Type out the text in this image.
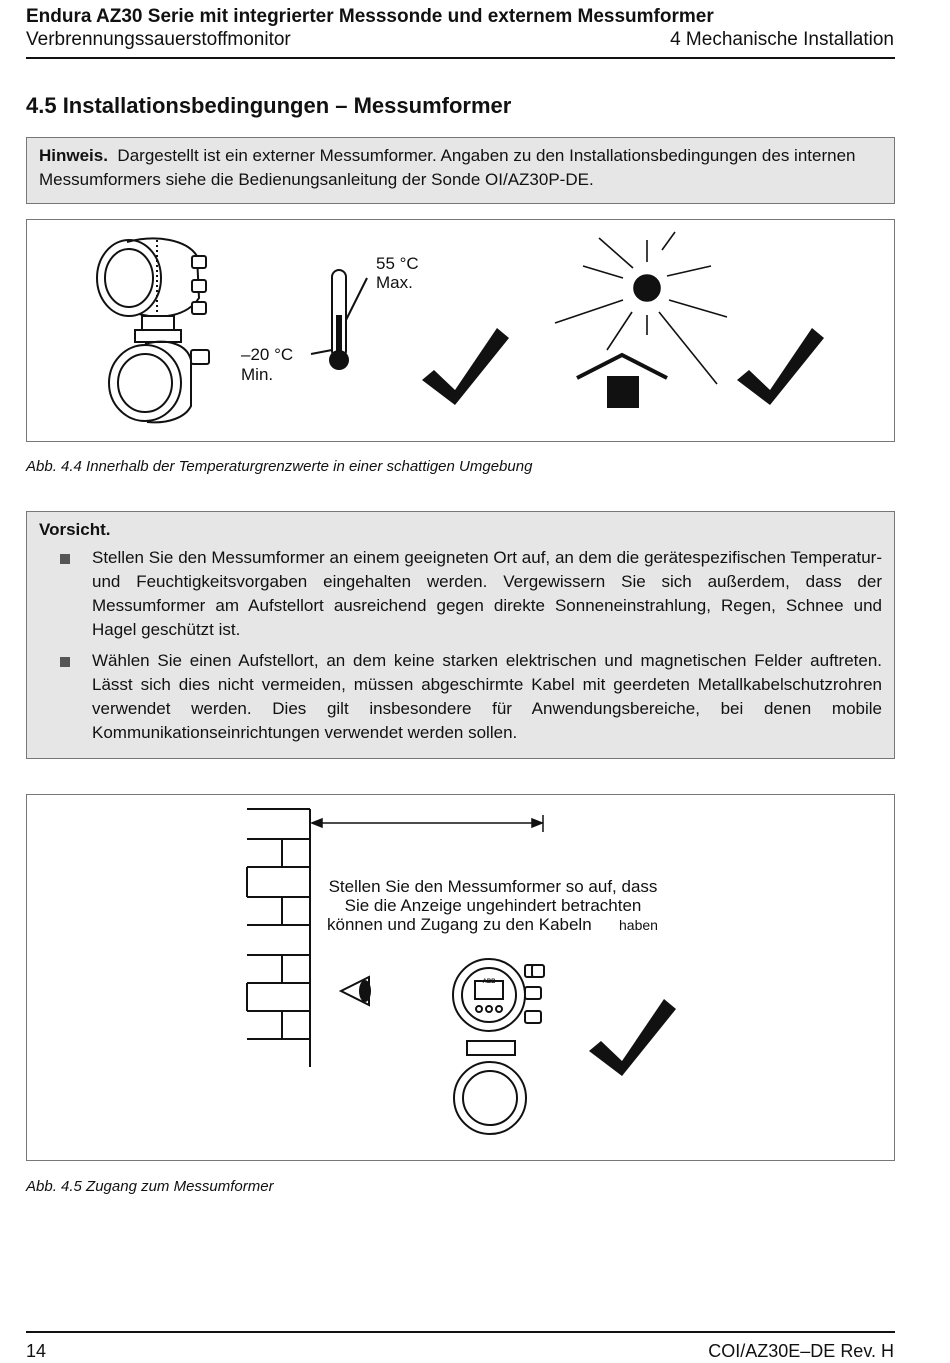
Endura AZ30 Serie mit integrierter Messsonde und externem Messumformer
Verbrennungssauerstoffmonitor	4 Mechanische Installation
4.5 Installationsbedingungen – Messumformer
Hinweis. Dargestellt ist ein externer Messumformer. Angaben zu den Installationsbedingungen des internen Messumformers siehe die Bedienungsanleitung der Sonde OI/AZ30P-DE.
55 °C
Max.
–20 °C
Min.
Abb. 4.4 Innerhalb der Temperaturgrenzwerte in einer schattigen Umgebung
Vorsicht.
Stellen Sie den Messumformer an einem geeigneten Ort auf, an dem die gerätespezifischen Temperatur- und Feuchtigkeitsvorgaben eingehalten werden. Vergewissern Sie sich außerdem, dass der Messumformer am Aufstellort ausreichend gegen direkte Sonneneinstrahlung, Regen, Schnee und Hagel geschützt ist.
Wählen Sie einen Aufstellort, an dem keine starken elektrischen und magnetischen Felder auftreten. Lässt sich dies nicht vermeiden, müssen abgeschirmte Kabel mit geerdeten Metallkabelschutzrohren verwendet werden. Dies gilt insbesondere für Anwendungsbereiche, bei denen mobile Kommunikationseinrichtungen verwendet werden sollen.
Stellen Sie den Messumformer so auf, dass
Sie die Anzeige ungehindert betrachten
können und Zugang zu den Kabeln haben
ABB
Abb. 4.5 Zugang zum Messumformer
14	COI/AZ30E–DE Rev. H
